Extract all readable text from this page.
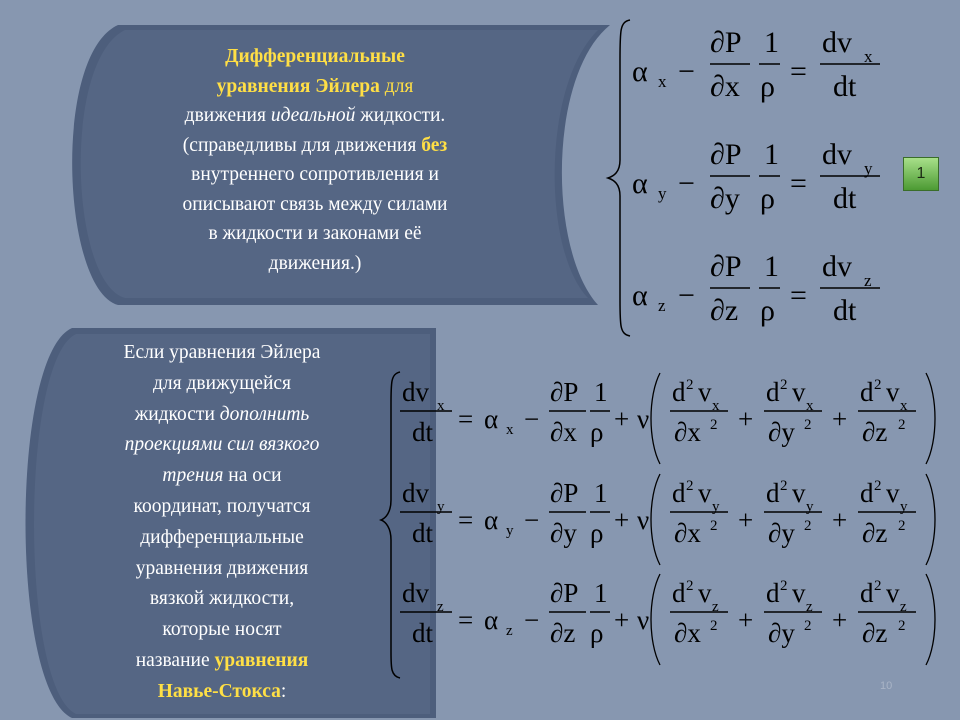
Дифференциальные
уравнения Эйлера для
движения идеальной жидкости.
(справедливы для движения без
внутреннего сопротивления и
описывают связь между силами
в жидкости и законами её
движения.)
Если уравнения Эйлера
для движущейся
жидкости дополнить
проекциями сил вязкого
трения на оси
координат, получатся
дифференциальные
уравнения движения
вязкой жидкости,
которые носят
название уравнения
Навье-Стокса:
α x −
∂P
∂x
1
ρ =
dv x
dt
α y −
∂P
∂y
1
ρ =
dv y
dt
α z −
∂P
∂z
1
ρ =
dv z
dt
dv x
dt = α x −
∂P
∂x
1
ρ + ν
d 2 v x
∂x 2 +
d 2 v x
∂y 2 +
d 2 v x
∂z 2
dv y
dt = α y −
∂P
∂y
1
ρ + ν
d 2 v y
∂x 2 +
d 2 v y
∂y 2 +
d 2 v y
∂z 2
dv z
dt = α z −
∂P
∂z
1
ρ + ν
d 2 v z
∂x 2 +
d 2 v z
∂y 2 +
d 2 v z
∂z 2
1
10
